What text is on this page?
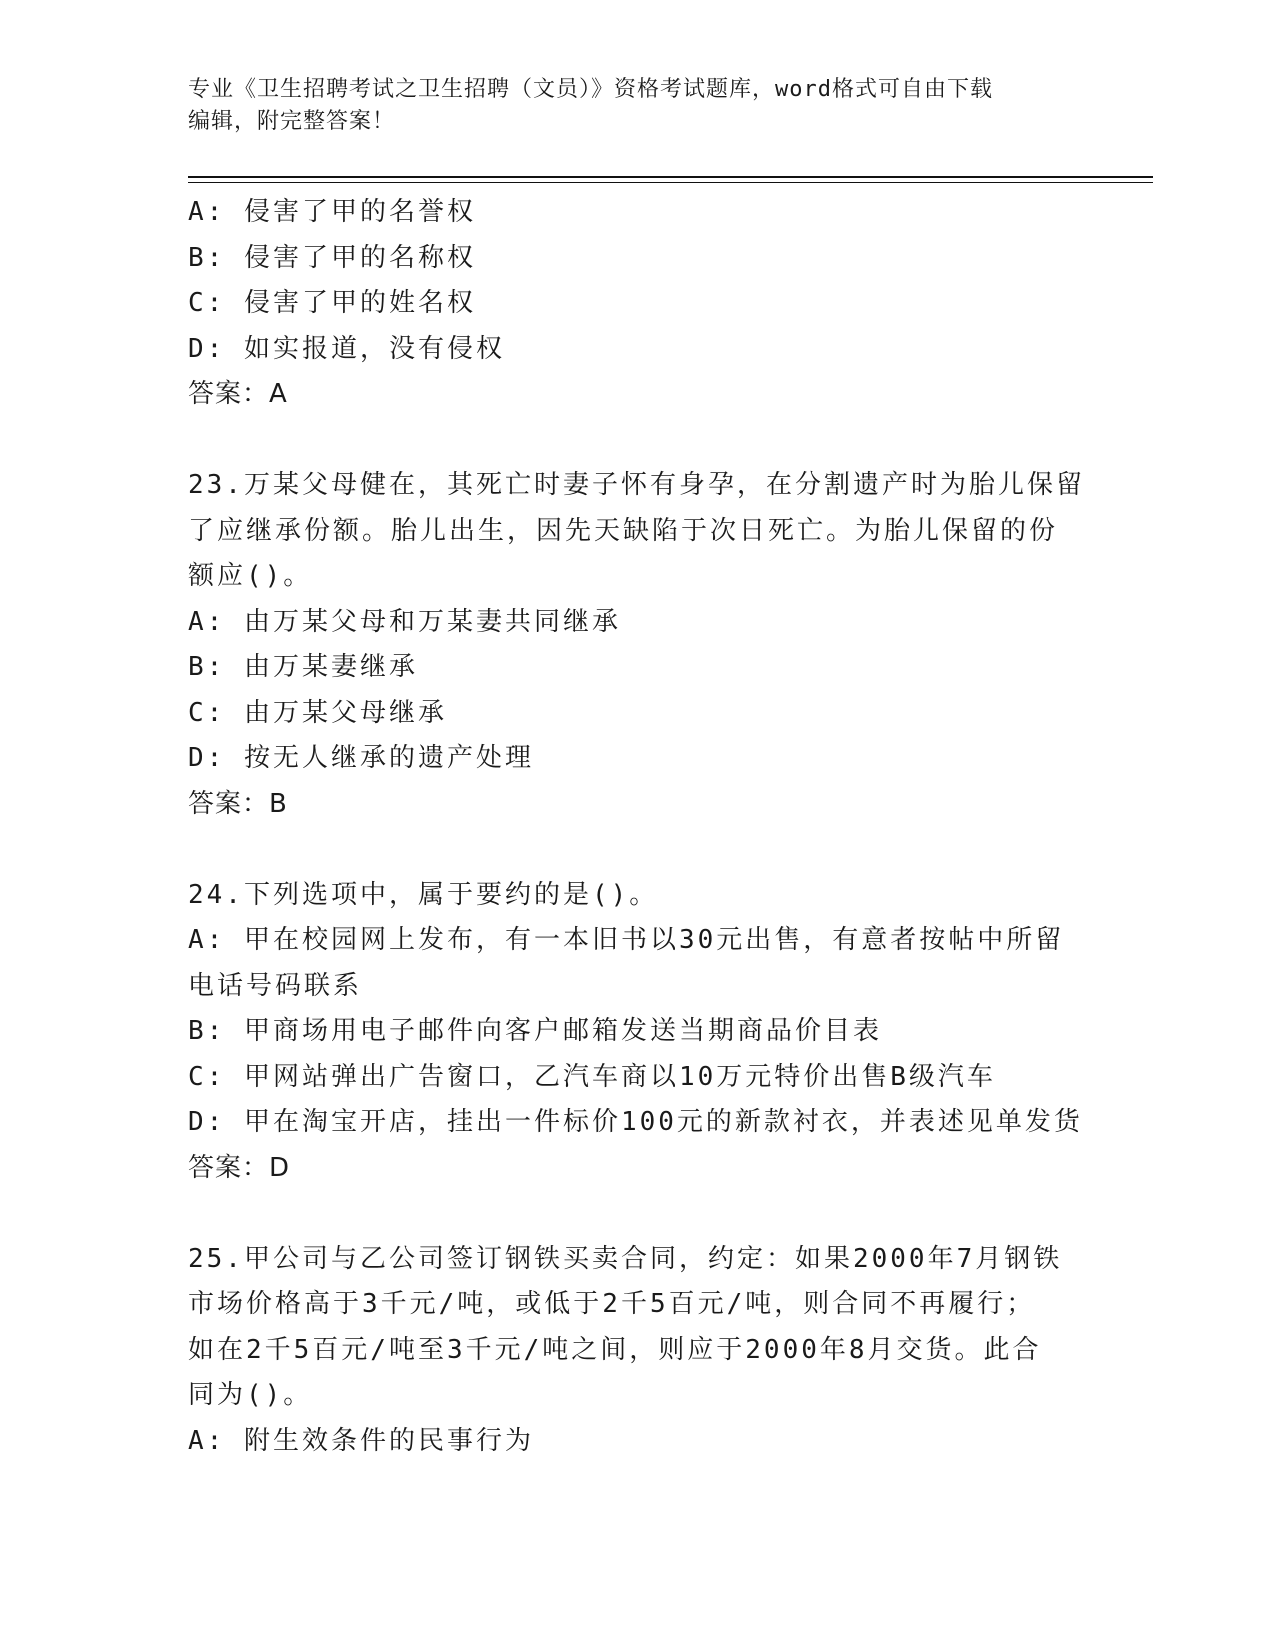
专业《卫生招聘考试之卫生招聘（文员）》资格考试题库，word格式可自由下载
编辑，附完整答案！

A: 侵害了甲的名誉权

B: 侵害了甲的名称权

C: 侵害了甲的姓名权

D: 如实报道，没有侵权

答案：A

23.万某父母健在，其死亡时妻子怀有身孕，在分割遗产时为胎儿保留

了应继承份额。胎儿出生，因先天缺陷于次日死亡。为胎儿保留的份

额应()。

A: 由万某父母和万某妻共同继承

B: 由万某妻继承

C: 由万某父母继承

D: 按无人继承的遗产处理

答案：B

24.下列选项中，属于要约的是()。

A: 甲在校园网上发布，有一本旧书以30元出售，有意者按帖中所留

电话号码联系

B: 甲商场用电子邮件向客户邮箱发送当期商品价目表

C: 甲网站弹出广告窗口，乙汽车商以10万元特价出售B级汽车

D: 甲在淘宝开店，挂出一件标价100元的新款衬衣，并表述见单发货

答案：D

25.甲公司与乙公司签订钢铁买卖合同，约定：如果2000年7月钢铁

市场价格高于3千元/吨，或低于2千5百元/吨，则合同不再履行；

如在2千5百元/吨至3千元/吨之间，则应于2000年8月交货。此合

同为()。

A: 附生效条件的民事行为
